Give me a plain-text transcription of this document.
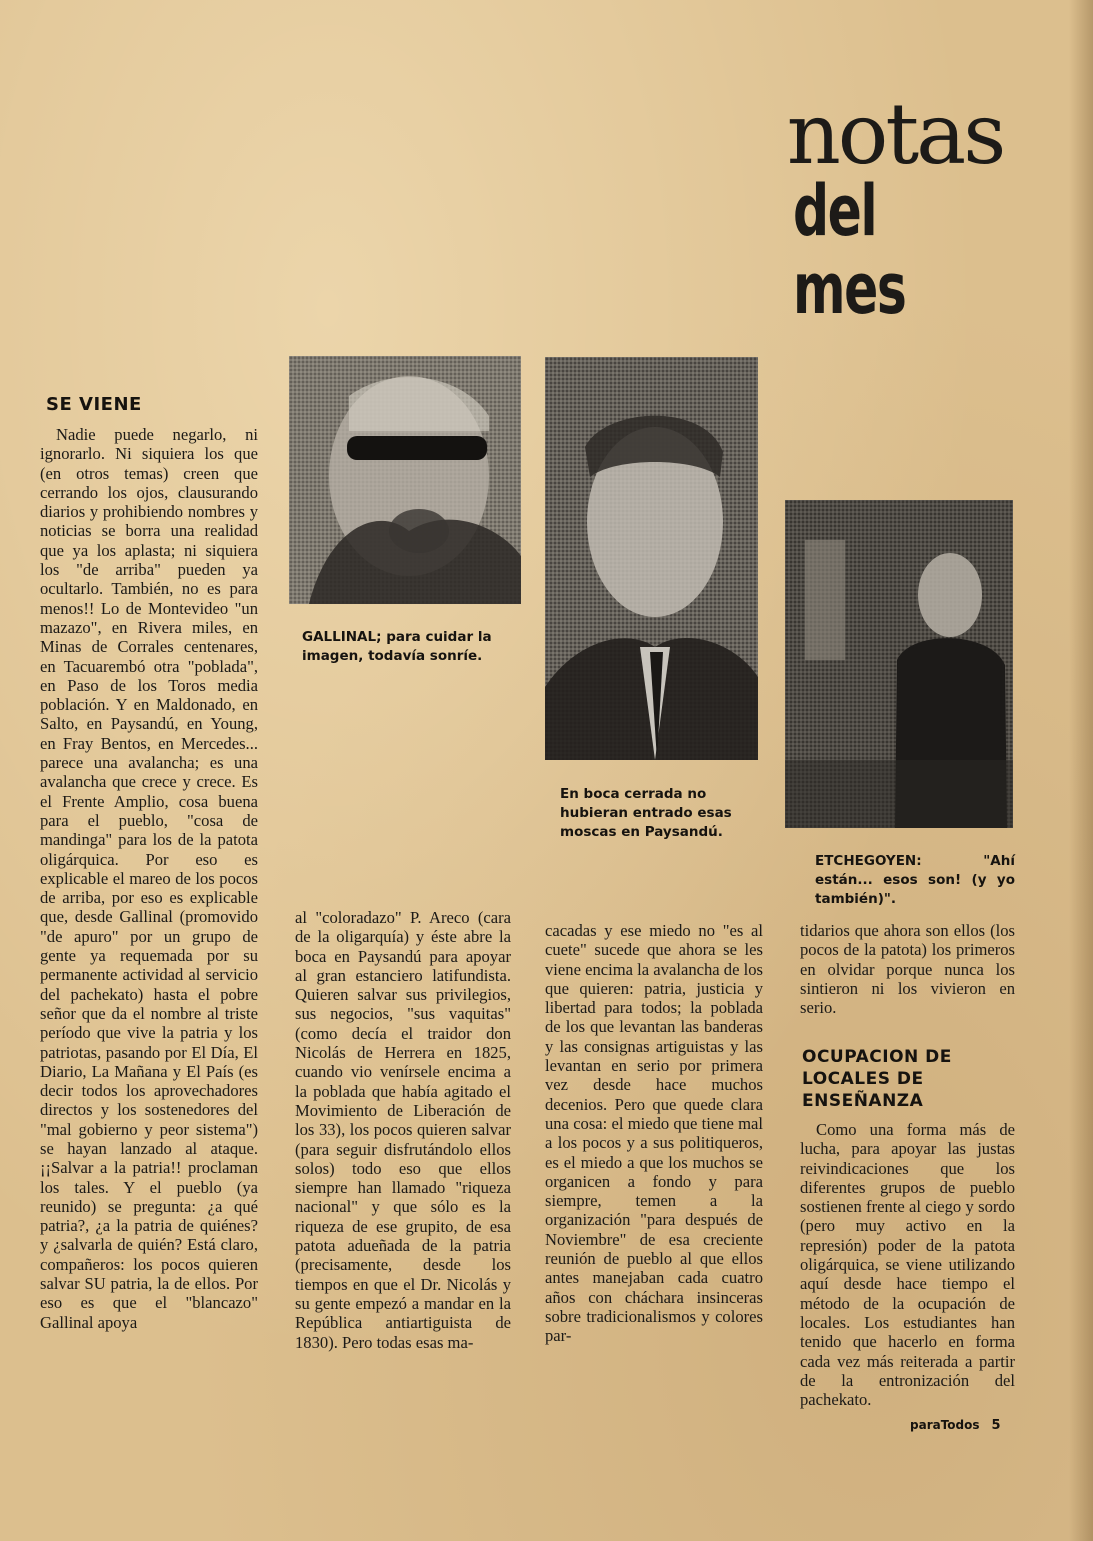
notas
del mes
SE VIENE

Nadie puede negarlo, ni ignorarlo. Ni siquiera los que (en otros temas) creen que cerrando los ojos, clausurando diarios y prohibiendo nombres y noticias se borra una realidad que ya los aplasta; ni siquiera los "de arriba" pueden ya ocultarlo. También, no es para menos!! Lo de Montevideo "un mazazo", en Rivera miles, en Minas de Corrales centenares, en Tacuarembó otra "poblada", en Paso de los Toros media población. Y en Maldonado, en Salto, en Paysandú, en Young, en Fray Bentos, en Mercedes... parece una avalancha; es una avalancha que crece y crece. Es el Frente Amplio, cosa buena para el pueblo, "cosa de mandinga" para los de la patota oligárquica. Por eso es explicable el mareo de los pocos de arriba, por eso es explicable que, desde Gallinal (promovido "de apuro" por un grupo de gente ya requemada por su permanente actividad al servicio del pachekato) hasta el pobre señor que da el nombre al triste período que vive la patria y los patriotas, pasando por El Día, El Diario, La Mañana y El País (es decir todos los aprovechadores directos y los sostenedores del "mal gobierno y peor sistema") se hayan lanzado al ataque. ¡¡Salvar a la patria!! proclaman los tales. Y el pueblo (ya reunido) se pregunta: ¿a qué patria?, ¿a la patria de quiénes? y ¿salvarla de quién? Está claro, compañeros: los pocos quieren salvar SU patria, la de ellos. Por eso es que el "blancazo" Gallinal apoya

GALLINAL; para cuidar la imagen, todavía sonríe.

En boca cerrada no hubieran entrado esas moscas en Paysandú.

ETCHEGOYEN: "Ahí están... esos son! (y yo también)".

al "coloradazo" P. Areco (cara de la oligarquía) y éste abre la boca en Paysandú para apoyar al gran estanciero latifundista. Quieren salvar sus privilegios, sus negocios, "sus vaquitas" (como decía el traidor don Nicolás de Herrera en 1825, cuando vio venírsele encima a la poblada que había agitado el Movimiento de Liberación de los 33), los pocos quieren salvar (para seguir disfrutándolo ellos solos) todo eso que ellos siempre han llamado "riqueza nacional" y que sólo es la riqueza de ese grupito, de esa patota adueñada de la patria (precisamente, desde los tiempos en que el Dr. Nicolás y su gente empezó a mandar en la República antiartiguista de 1830). Pero todas esas ma-

cacadas y ese miedo no "es al cuete" sucede que ahora se les viene encima la avalancha de los que quieren: patria, justicia y libertad para todos; la poblada de los que levantan las banderas y las consignas artiguistas y las levantan en serio por primera vez desde hace muchos decenios. Pero que quede clara una cosa: el miedo que tiene mal a los pocos y a sus politiqueros, es el miedo a que los muchos se organicen a fondo y para siempre, temen a la organización "para después de Noviembre" de esa creciente reunión de pueblo al que ellos antes manejaban cada cuatro años con cháchara insinceras sobre tradicionalismos y colores par-

tidarios que ahora son ellos (los pocos de la patota) los primeros en olvidar porque nunca los sintieron ni los vivieron en serio.

OCUPACION DE LOCALES DE ENSEÑANZA

Como una forma más de lucha, para apoyar las justas reivindicaciones que los diferentes grupos de pueblo sostienen frente al ciego y sordo (pero muy activo en la represión) poder de la patota oligárquica, se viene utilizando aquí desde hace tiempo el método de la ocupación de locales. Los estudiantes han tenido que hacerlo en forma cada vez más reiterada a partir de la entronización del pachekato.

paraTodos 5
